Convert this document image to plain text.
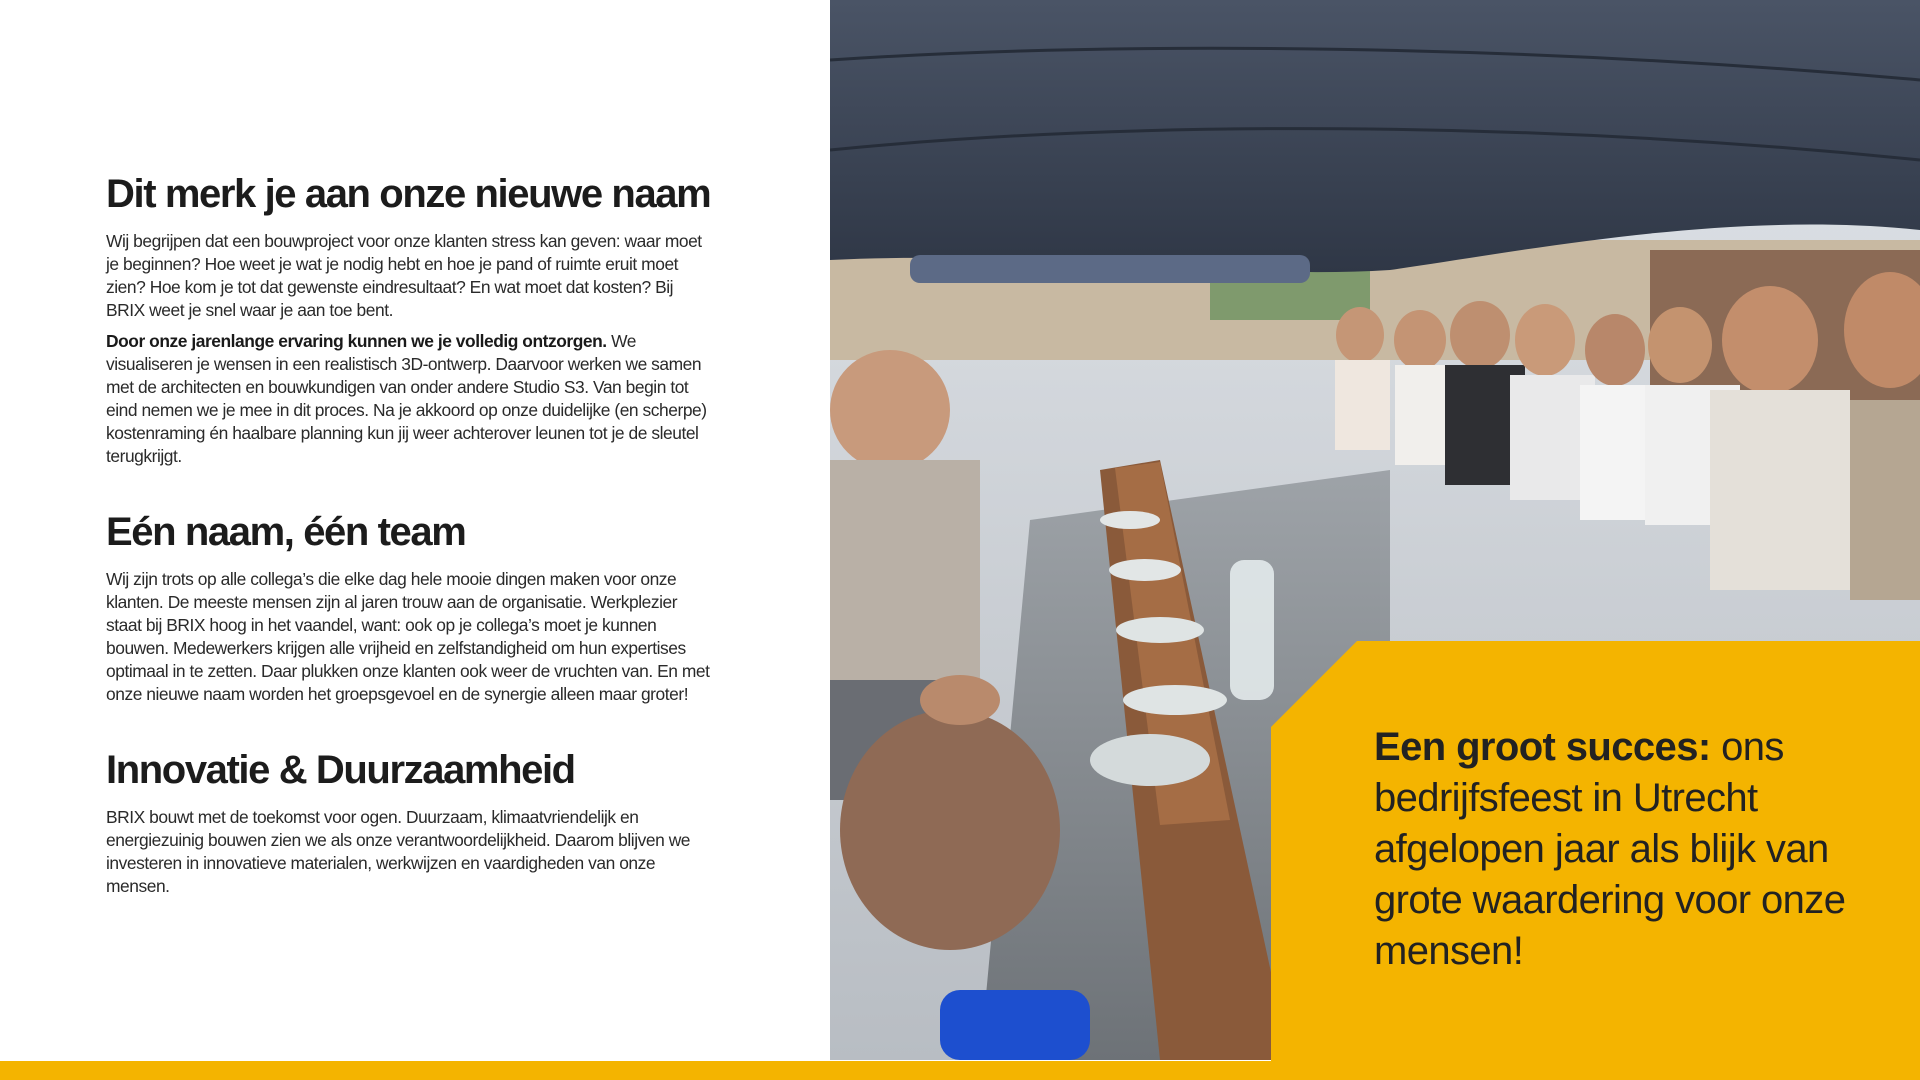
Dit merk je aan onze nieuwe naam

Wij begrijpen dat een bouwproject voor onze klanten stress kan geven: waar moet je beginnen? Hoe weet je wat je nodig hebt en hoe je pand of ruimte eruit moet zien? Hoe kom je tot dat gewenste eindresultaat? En wat moet dat kosten? Bij BRIX weet je snel waar je aan toe bent.

Door onze jarenlange ervaring kunnen we je volledig ontzorgen. We visualiseren je wensen in een realistisch 3D-ontwerp. Daarvoor werken we samen met de architecten en bouwkundigen van onder andere Studio S3. Van begin tot eind nemen we je mee in dit proces. Na je akkoord op onze duidelijke (en scherpe) kostenraming én haalbare planning kun jij weer achterover leunen tot je de sleutel terugkrijgt.

Eén naam, één team

Wij zijn trots op alle collega’s die elke dag hele mooie dingen maken voor onze klanten. De meeste mensen zijn al jaren trouw aan de organisatie. Werkplezier staat bij BRIX hoog in het vaandel, want: ook op je collega’s moet je kunnen bouwen. Medewerkers krijgen alle vrijheid en zelfstandigheid om hun expertises optimaal in te zetten. Daar plukken onze klanten ook weer de vruchten van. En met onze nieuwe naam worden het groepsgevoel en de synergie alleen maar groter!

Innovatie & Duurzaamheid

BRIX bouwt met de toekomst voor ogen. Duurzaam, klimaatvriendelijk en energiezuinig bouwen zien we als onze verantwoordelijkheid. Daarom blijven we investeren in innovatieve materialen, werkwijzen en vaardigheden van onze mensen.

Een groot succes: ons bedrijfsfeest in Utrecht afgelopen jaar als blijk van grote waardering voor onze mensen!
